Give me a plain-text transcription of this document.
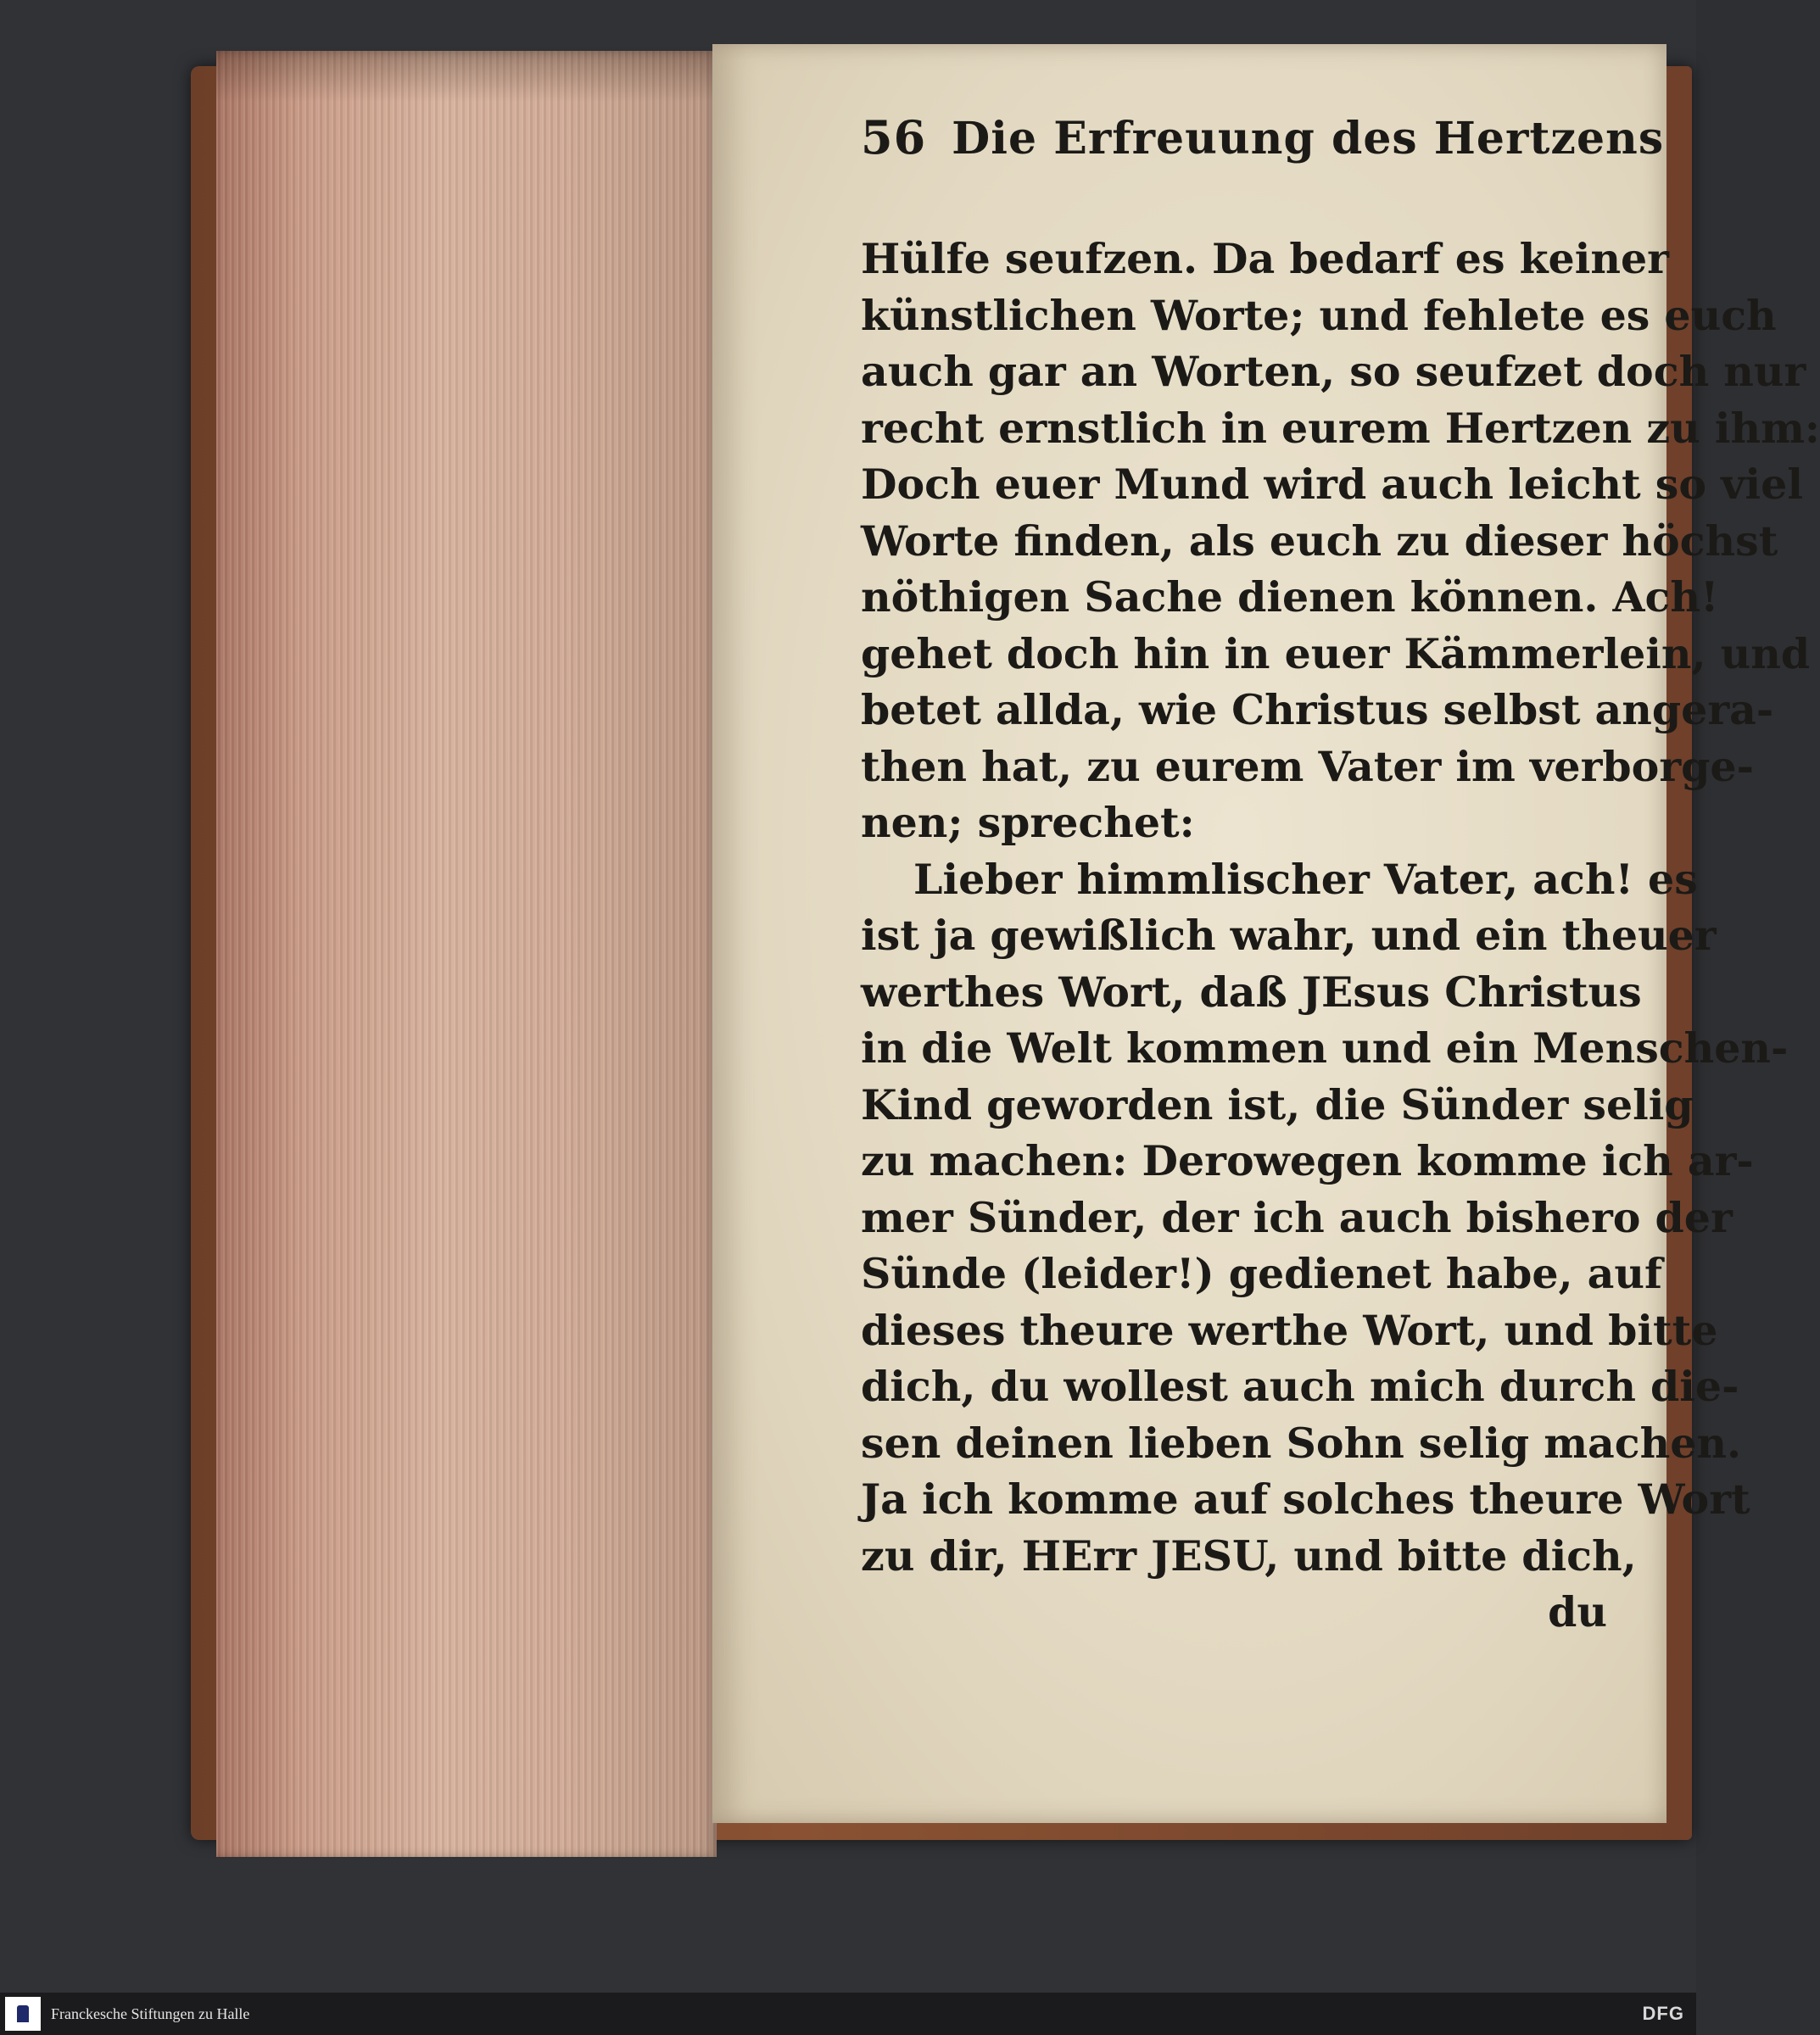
56 Die Erfreuung des Hertzens
Hülfe seufzen. Da bedarf es keiner
künstlichen Worte; und fehlete es euch
auch gar an Worten, so seufzet doch nur
recht ernstlich in eurem Hertzen zu ihm:
Doch euer Mund wird auch leicht so viel
Worte finden, als euch zu dieser höchst
nöthigen Sache dienen können. Ach!
gehet doch hin in euer Kämmerlein, und
betet allda, wie Christus selbst angera-
then hat, zu eurem Vater im verborge-
nen; sprechet:
Lieber himmlischer Vater, ach! es
ist ja gewißlich wahr, und ein theuer
werthes Wort, daß JEsus Christus
in die Welt kommen und ein Menschen-
Kind geworden ist, die Sünder selig
zu machen: Derowegen komme ich ar-
mer Sünder, der ich auch bishero der
Sünde (leider!) gedienet habe, auf
dieses theure werthe Wort, und bitte
dich, du wollest auch mich durch die-
sen deinen lieben Sohn selig machen.
Ja ich komme auf solches theure Wort
zu dir, HErr JESU, und bitte dich,
du
Franckesche Stiftungen zu Halle	DFG
